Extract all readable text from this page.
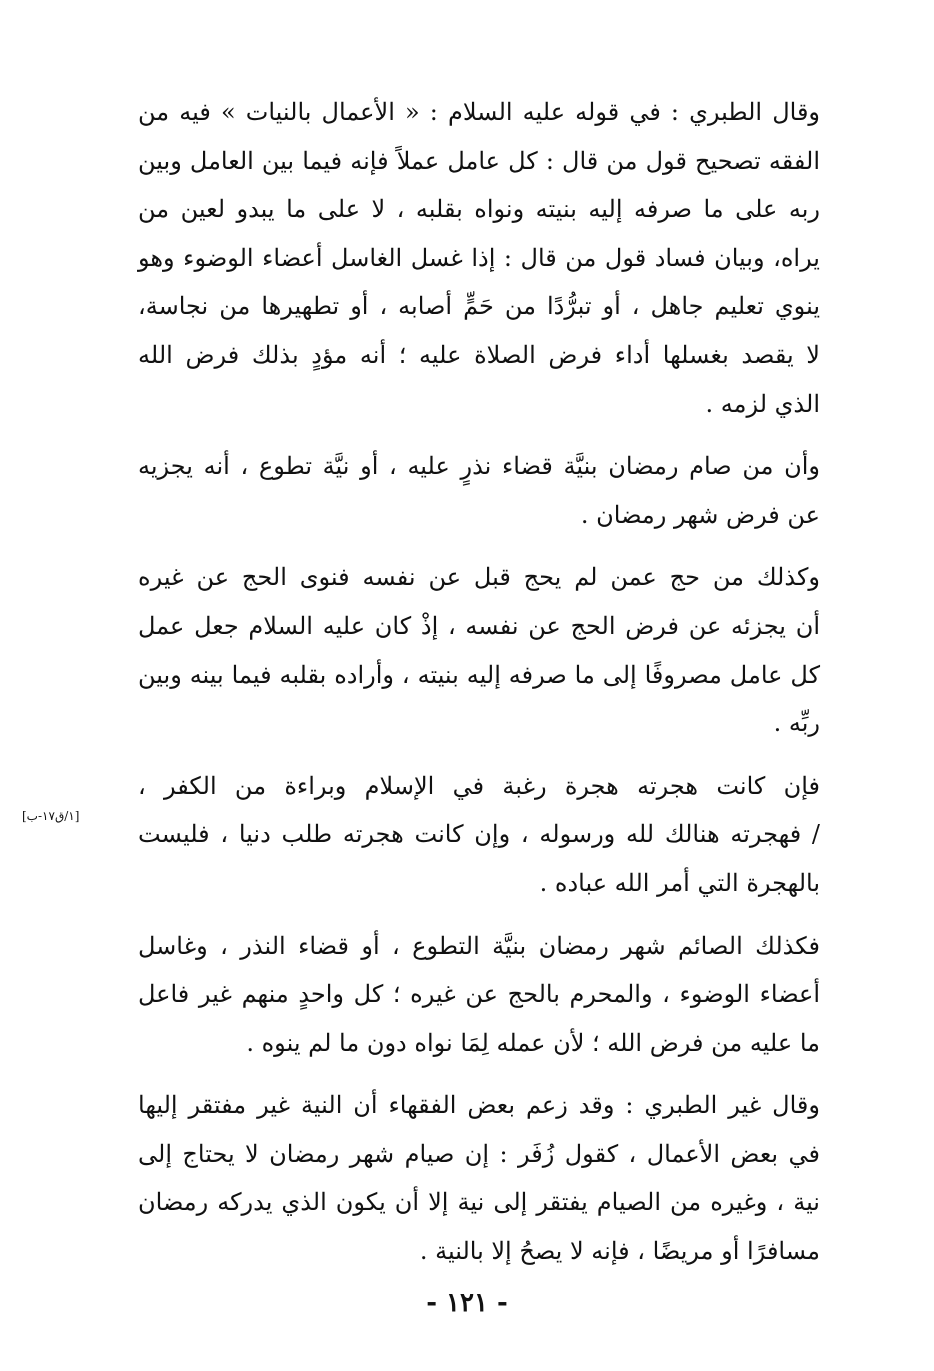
وقال الطبري : في قوله عليه السلام : « الأعمال بالنيات » فيه من
الفقه تصحيح قول من قال : كل عامل عملاً فإنه فيما بين العامل وبين
ربه على ما صرفه إليه بنيته ونواه بقلبه ، لا على ما يبدو لعين من
يراه، وبيان فساد قول من قال : إذا غسل الغاسل أعضاء الوضوء وهو
ينوي تعليم جاهل ، أو تبرُّدًا من حَمٍّ أصابه ، أو تطهيرها من نجاسة،
لا يقصد بغسلها أداء فرض الصلاة عليه ؛ أنه مؤدٍ بذلك فرض الله
الذي لزمه .

وأن من صام رمضان بنيَّة قضاء نذرٍ عليه ، أو نيَّة تطوع ، أنه يجزيه
عن فرض شهر رمضان .

وكذلك من حج عمن لم يحج قبل عن نفسه فنوى الحج عن غيره
أن يجزئه عن فرض الحج عن نفسه ، إذْ كان عليه السلام جعل عمل
كل عامل مصروفًا إلى ما صرفه إليه بنيته ، وأراده بقلبه فيما بينه وبين
ربِّه .

فإن كانت هجرته هجرة رغبة في الإسلام وبراءة من الكفر ،
/ فهجرته هنالك لله ورسوله ، وإن كانت هجرته طلب دنيا ، فليست
بالهجرة التي أمر الله عباده .

فكذلك الصائم شهر رمضان بنيَّة التطوع ، أو قضاء النذر ، وغاسل
أعضاء الوضوء ، والمحرم بالحج عن غيره ؛ كل واحدٍ منهم غير فاعل
ما عليه من فرض الله ؛ لأن عمله لِمَا نواه دون ما لم ينوه .

وقال غير الطبري : وقد زعم بعض الفقهاء أن النية غير مفتقر إليها
في بعض الأعمال ، كقول زُفَر : إن صيام شهر رمضان لا يحتاج إلى
نية ، وغيره من الصيام يفتقر إلى نية إلا أن يكون الذي يدركه رمضان
مسافرًا أو مريضًا ، فإنه لا يصحُ إلا بالنية .

[١/ق١٧-ب]
- ١٢١ -
